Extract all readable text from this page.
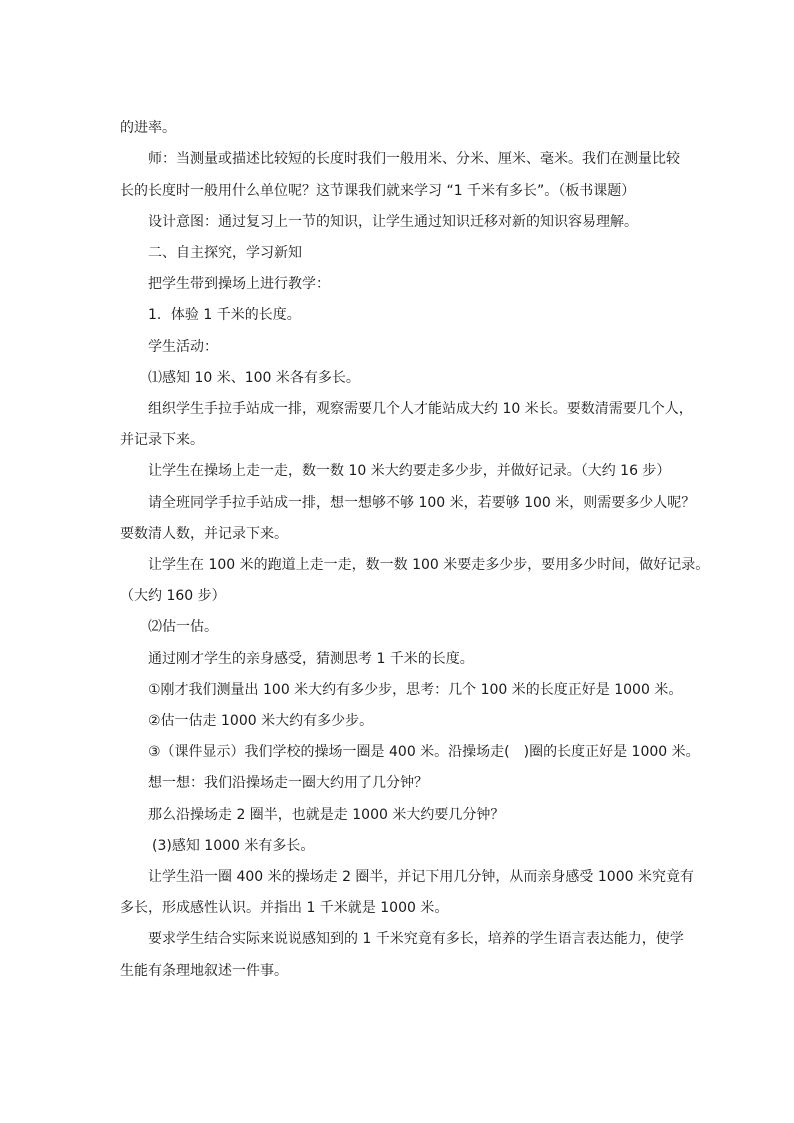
的进率。
师：当测量或描述比较短的长度时我们一般用米、分米、厘米、毫米。我们在测量比较
长的长度时一般用什么单位呢？这节课我们就来学习 “1 千米有多长”。（板书课题）
设计意图：通过复习上一节的知识，让学生通过知识迁移对新的知识容易理解。
二、自主探究，学习新知
把学生带到操场上进行教学：
1．体验 1 千米的长度。
学生活动：
⑴感知 10 米、100 米各有多长。
组织学生手拉手站成一排，观察需要几个人才能站成大约 10 米长。要数清需要几个人，
并记录下来。
让学生在操场上走一走，数一数 10 米大约要走多少步，并做好记录。（大约 16 步）
请全班同学手拉手站成一排，想一想够不够 100 米，若要够 100 米，则需要多少人呢？
要数清人数，并记录下来。
让学生在 100 米的跑道上走一走，数一数 100 米要走多少步，要用多少时间，做好记录。
（大约 160 步）
⑵估一估。
通过刚才学生的亲身感受，猜测思考 1 千米的长度。
①刚才我们测量出 100 米大约有多少步，思考：几个 100 米的长度正好是 1000 米。
②估一估走 1000 米大约有多少步。
③（课件显示）我们学校的操场一圈是 400 米。沿操场走(　)圈的长度正好是 1000 米。
想一想：我们沿操场走一圈大约用了几分钟？
那么沿操场走 2 圈半，也就是走 1000 米大约要几分钟？
(3)感知 1000 米有多长。
让学生沿一圈 400 米的操场走 2 圈半，并记下用几分钟，从而亲身感受 1000 米究竟有
多长，形成感性认识。并指出 1 千米就是 1000 米。
要求学生结合实际来说说感知到的 1 千米究竟有多长，培养的学生语言表达能力，使学
生能有条理地叙述一件事。
